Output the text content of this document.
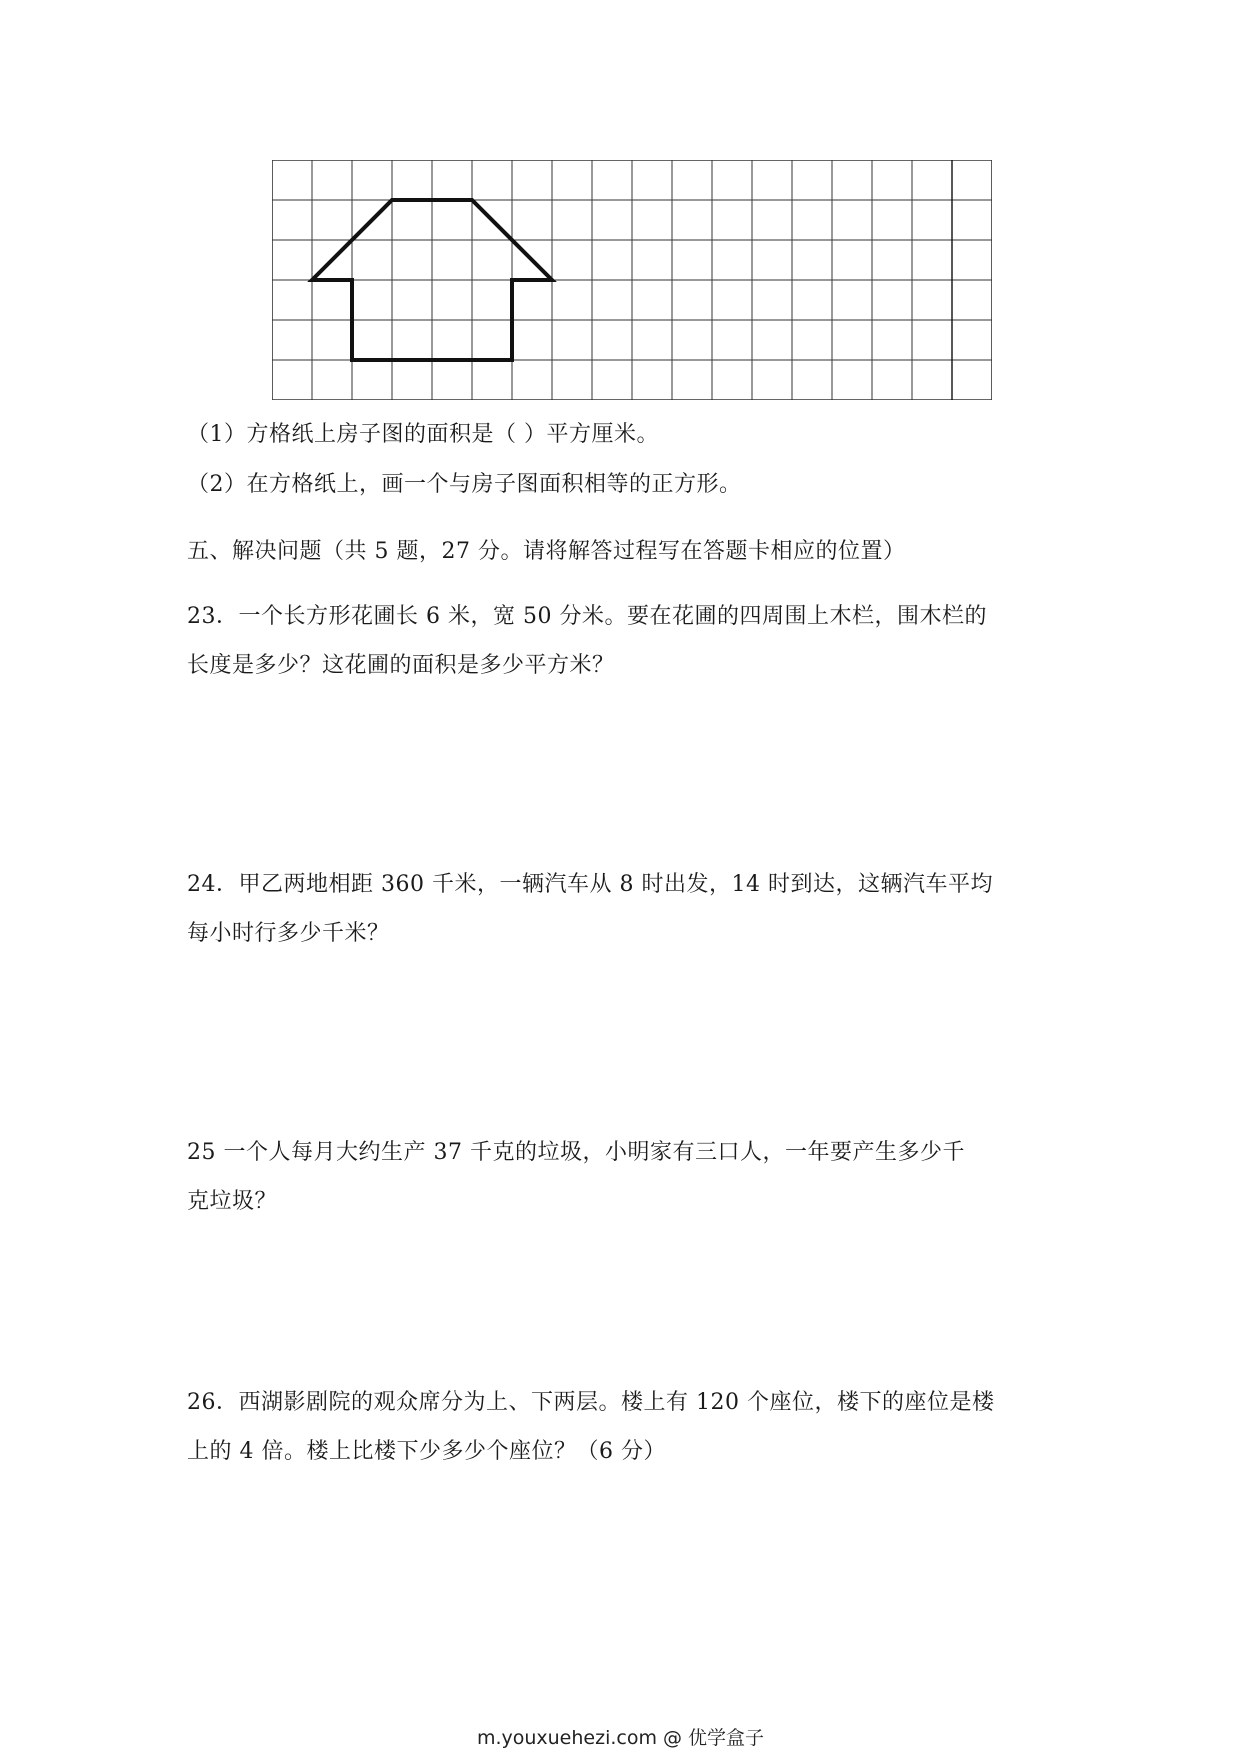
（1）方格纸上房子图的面积是（ ）平方厘米。
（2）在方格纸上，画一个与房子图面积相等的正方形。
五、解决问题（共 5 题，27 分。请将解答过程写在答题卡相应的位置）
23．一个长方形花圃长 6 米，宽 50 分米。要在花圃的四周围上木栏，围木栏的
长度是多少？这花圃的面积是多少平方米？
24．甲乙两地相距 360 千米，一辆汽车从 8 时出发，14 时到达，这辆汽车平均
每小时行多少千米？
25 一个人每月大约生产 37 千克的垃圾，小明家有三口人，一年要产生多少千
克垃圾？
26．西湖影剧院的观众席分为上、下两层。楼上有 120 个座位，楼下的座位是楼
上的 4 倍。楼上比楼下少多少个座位？（6 分）
m.youxuehezi.com @ 优学盒子
